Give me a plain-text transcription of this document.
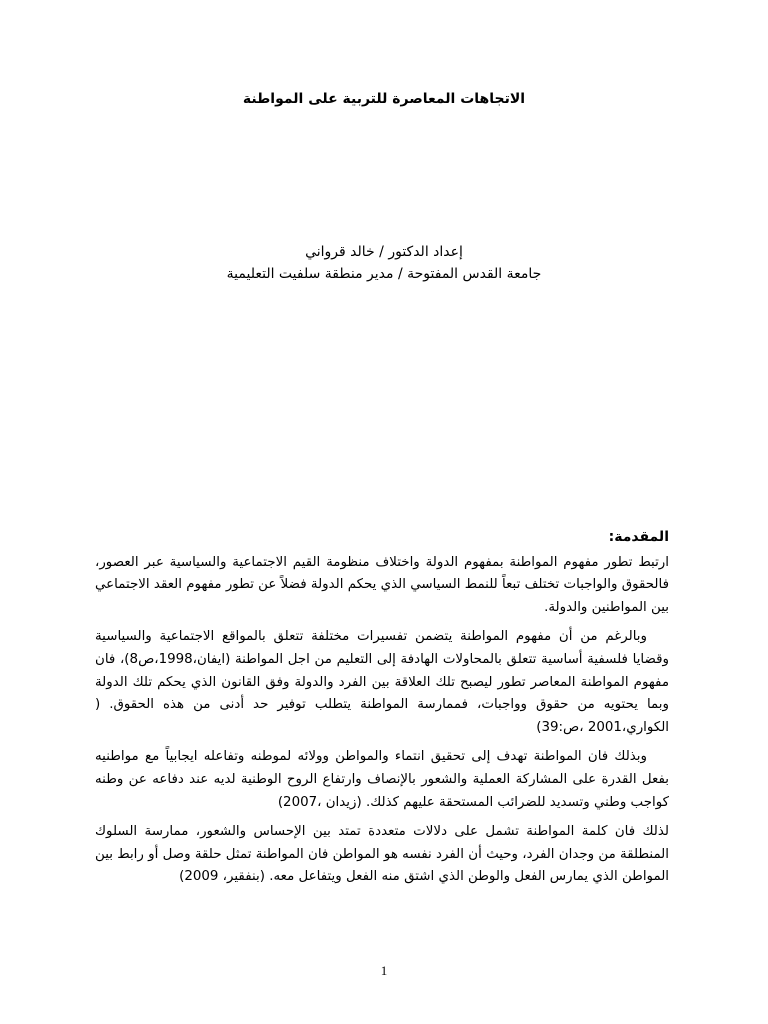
الاتجاهات المعاصرة للتربية على المواطنة
إعداد الدكتور / خالد قرواني
جامعة القدس المفتوحة / مدير منطقة سلفيت التعليمية
المقدمة:

ارتبط تطور مفهوم المواطنة بمفهوم الدولة واختلاف منظومة القيم الاجتماعية والسياسية عبر العصور، فالحقوق والواجبات تختلف تبعاً للنمط السياسي الذي يحكم الدولة فضلاً عن تطور مفهوم العقد الاجتماعي بين المواطنين والدولة.

وبالرغم من أن مفهوم المواطنة يتضمن تفسيرات مختلفة تتعلق بالمواقع الاجتماعية والسياسية وقضايا فلسفية أساسية تتعلق بالمحاولات الهادفة إلى التعليم من اجل المواطنة (ايفان،1998،ص8)، فان مفهوم المواطنة المعاصر تطور ليصبح تلك العلاقة بين الفرد والدولة وفق القانون الذي يحكم تلك الدولة وبما يحتويه من حقوق وواجبات، فممارسة المواطنة يتطلب توفير حد أدنى من هذه الحقوق. ( الكواري،2001 ،ص:39)

وبذلك فان المواطنة تهدف إلى تحقيق انتماء والمواطن وولائه لموطنه وتفاعله ايجابياً مع مواطنيه بفعل القدرة على المشاركة العملية والشعور بالإنصاف وارتفاع الروح الوطنية لديه عند دفاعه عن وطنه كواجب وطني وتسديد للضرائب المستحقة عليهم كذلك. (زيدان ،2007)

لذلك فان كلمة المواطنة تشمل على دلالات متعددة تمتد بين الإحساس والشعور، ممارسة السلوك المنطلقة من وجدان الفرد، وحيث أن الفرد نفسه هو المواطن فان المواطنة تمثل حلقة وصل أو رابط بين المواطن الذي يمارس الفعل والوطن الذي اشتق منه الفعل ويتفاعل معه. (بنفقير، 2009)

1
